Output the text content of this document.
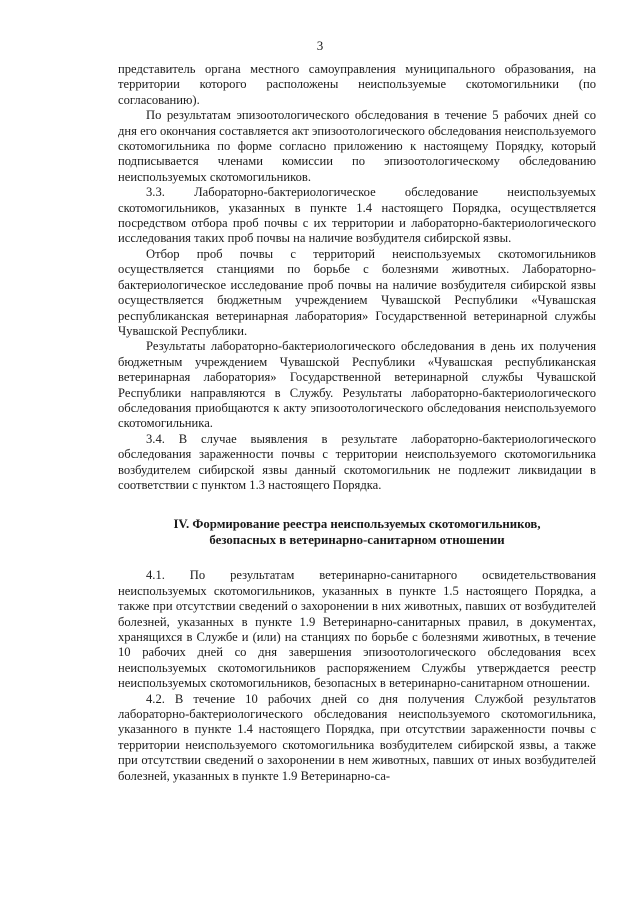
3

представитель органа местного самоуправления муниципального образования, на территории которого расположены неиспользуемые скотомогильники (по согласованию).

По результатам эпизоотологического обследования в течение 5 рабочих дней со дня его окончания составляется акт эпизоотологического обследования неиспользуемого скотомогильника по форме согласно приложению к настоящему Порядку, который подписывается членами комиссии по эпизоотологическому обследованию неиспользуемых скотомогильников.

3.3. Лабораторно-бактериологическое обследование неиспользуемых скотомогильников, указанных в пункте 1.4 настоящего Порядка, осуществляется посредством отбора проб почвы с их территории и лабораторно-бактериологического исследования таких проб почвы на наличие возбудителя сибирской язвы.

Отбор проб почвы с территорий неиспользуемых скотомогильников осуществляется станциями по борьбе с болезнями животных. Лабораторно-бактериологическое исследование проб почвы на наличие возбудителя сибирской язвы осуществляется бюджетным учреждением Чувашской Республики «Чувашская республиканская ветеринарная лаборатория» Государственной ветеринарной службы Чувашской Республики.

Результаты лабораторно-бактериологического обследования в день их получения бюджетным учреждением Чувашской Республики «Чувашская республиканская ветеринарная лаборатория» Государственной ветеринарной службы Чувашской Республики направляются в Службу. Результаты лабораторно-бактериологического обследования приобщаются к акту эпизоотологического обследования неиспользуемого скотомогильника.

3.4. В случае выявления в результате лабораторно-бактериологического обследования зараженности почвы с территории неиспользуемого скотомогильника возбудителем сибирской язвы данный скотомогильник не подлежит ликвидации в соответствии с пунктом 1.3 настоящего Порядка.

IV. Формирование реестра неиспользуемых скотомогильников,
безопасных в ветеринарно-санитарном отношении

4.1. По результатам ветеринарно-санитарного освидетельствования неиспользуемых скотомогильников, указанных в пункте 1.5 настоящего Порядка, а также при отсутствии сведений о захоронении в них животных, павших от возбудителей болезней, указанных в пункте 1.9 Ветеринарно-санитарных правил, в документах, хранящихся в Службе и (или) на станциях по борьбе с болезнями животных, в течение 10 рабочих дней со дня завершения эпизоотологического обследования всех неиспользуемых скотомогильников распоряжением Службы утверждается реестр неиспользуемых скотомогильников, безопасных в ветеринарно-санитарном отношении.

4.2. В течение 10 рабочих дней со дня получения Службой результатов лабораторно-бактериологического обследования неиспользуемого скотомогильника, указанного в пункте 1.4 настоящего Порядка, при отсутствии зараженности почвы с территории неиспользуемого скотомогильника возбудителем сибирской язвы, а также при отсутствии сведений о захоронении в нем животных, павших от иных возбудителей болезней, указанных в пункте 1.9 Ветеринарно-са-
